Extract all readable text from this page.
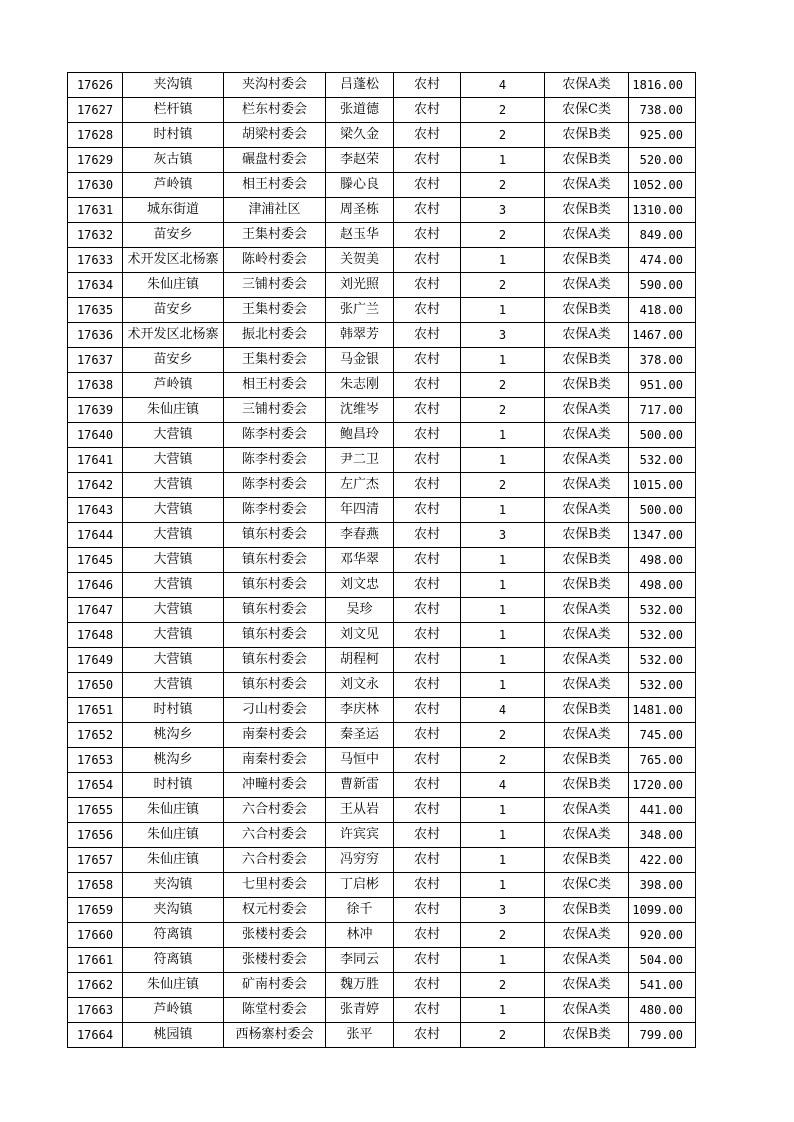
17626	夹沟镇	夹沟村委会	吕蓬松	农村	4	农保A类	1816.00
17627	栏杆镇	栏东村委会	张道德	农村	2	农保C类	738.00
17628	时村镇	胡梁村委会	梁久金	农村	2	农保B类	925.00
17629	灰古镇	碾盘村委会	李赵荣	农村	1	农保B类	520.00
17630	芦岭镇	相王村委会	滕心良	农村	2	农保A类	1052.00
17631	城东街道	津浦社区	周圣栋	农村	3	农保B类	1310.00
17632	苗安乡	王集村委会	赵玉华	农村	2	农保A类	849.00
17633	术开发区北杨寨	陈岭村委会	关贺美	农村	1	农保B类	474.00
17634	朱仙庄镇	三铺村委会	刘光照	农村	2	农保A类	590.00
17635	苗安乡	王集村委会	张广兰	农村	1	农保B类	418.00
17636	术开发区北杨寨	振北村委会	韩翠芳	农村	3	农保A类	1467.00
17637	苗安乡	王集村委会	马金银	农村	1	农保B类	378.00
17638	芦岭镇	相王村委会	朱志刚	农村	2	农保B类	951.00
17639	朱仙庄镇	三铺村委会	沈维岑	农村	2	农保A类	717.00
17640	大营镇	陈李村委会	鲍昌玲	农村	1	农保A类	500.00
17641	大营镇	陈李村委会	尹二卫	农村	1	农保A类	532.00
17642	大营镇	陈李村委会	左广杰	农村	2	农保A类	1015.00
17643	大营镇	陈李村委会	年四清	农村	1	农保A类	500.00
17644	大营镇	镇东村委会	李春燕	农村	3	农保B类	1347.00
17645	大营镇	镇东村委会	邓华翠	农村	1	农保B类	498.00
17646	大营镇	镇东村委会	刘文忠	农村	1	农保B类	498.00
17647	大营镇	镇东村委会	吴珍	农村	1	农保A类	532.00
17648	大营镇	镇东村委会	刘文见	农村	1	农保A类	532.00
17649	大营镇	镇东村委会	胡程柯	农村	1	农保A类	532.00
17650	大营镇	镇东村委会	刘文永	农村	1	农保A类	532.00
17651	时村镇	刁山村委会	李庆林	农村	4	农保B类	1481.00
17652	桃沟乡	南秦村委会	秦圣运	农村	2	农保A类	745.00
17653	桃沟乡	南秦村委会	马恒中	农村	2	农保B类	765.00
17654	时村镇	冲疃村委会	曹新雷	农村	4	农保B类	1720.00
17655	朱仙庄镇	六合村委会	王从岩	农村	1	农保A类	441.00
17656	朱仙庄镇	六合村委会	许宾宾	农村	1	农保A类	348.00
17657	朱仙庄镇	六合村委会	冯穷穷	农村	1	农保B类	422.00
17658	夹沟镇	七里村委会	丁启彬	农村	1	农保C类	398.00
17659	夹沟镇	权元村委会	徐千	农村	3	农保B类	1099.00
17660	符离镇	张楼村委会	林冲	农村	2	农保A类	920.00
17661	符离镇	张楼村委会	李同云	农村	1	农保A类	504.00
17662	朱仙庄镇	矿南村委会	魏万胜	农村	2	农保A类	541.00
17663	芦岭镇	陈堂村委会	张青婷	农村	1	农保A类	480.00
17664	桃园镇	西杨寨村委会	张平	农村	2	农保B类	799.00
